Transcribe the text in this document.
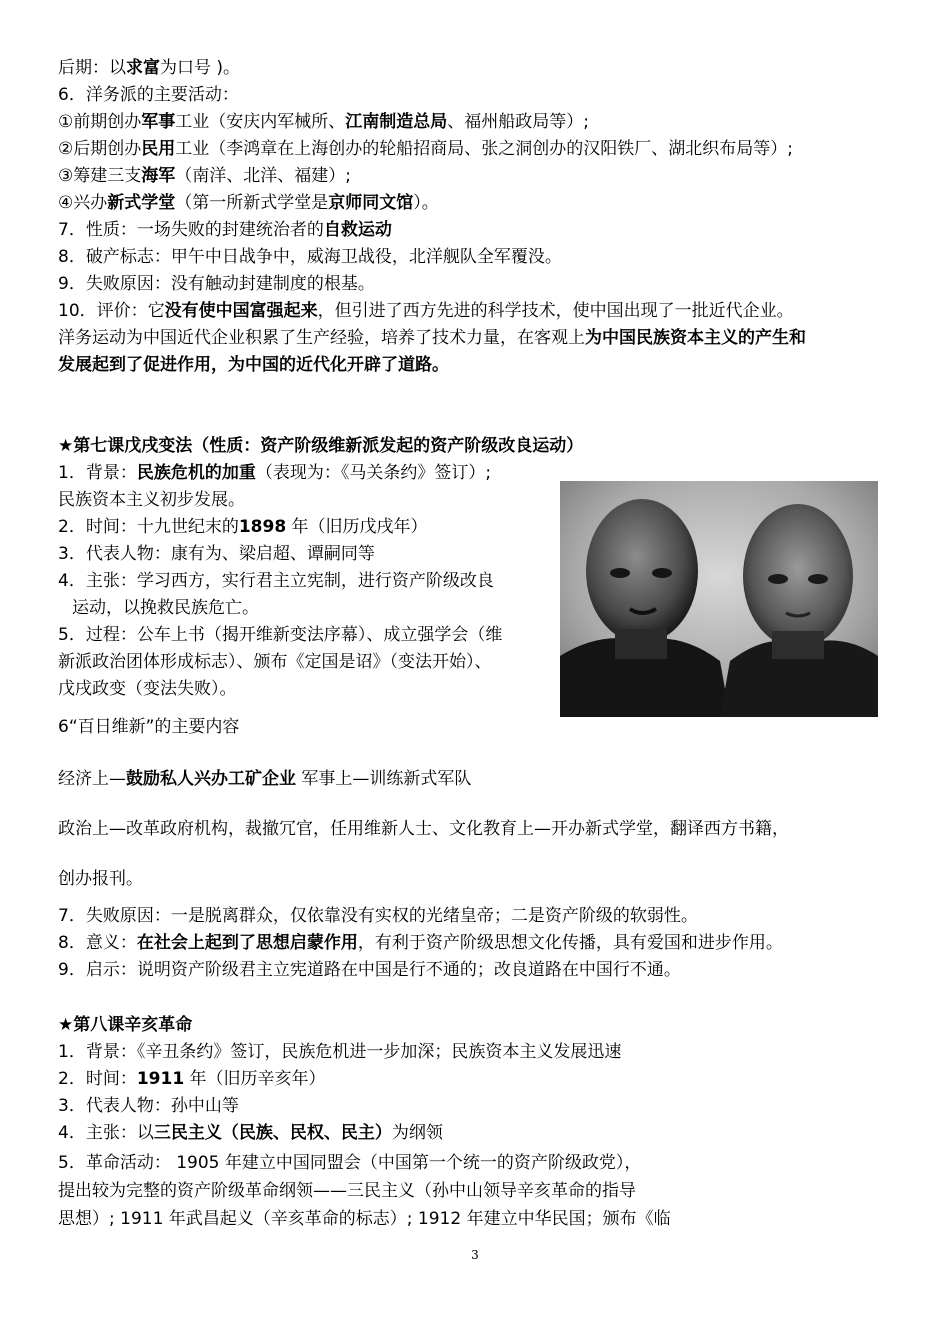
后期：以求富为口号 )。
6．洋务派的主要活动：
①前期创办军事工业（安庆内军械所、江南制造总局、福州船政局等）;
②后期创办民用工业（李鸿章在上海创办的轮船招商局、张之洞创办的汉阳铁厂、湖北织布局等）;
③筹建三支海军（南洋、北洋、福建）;
④兴办新式学堂（第一所新式学堂是京师同文馆）。
7．性质：一场失败的封建统治者的自救运动
8．破产标志：甲午中日战争中，威海卫战役，北洋舰队全军覆没。
9．失败原因：没有触动封建制度的根基。
10．评价：它没有使中国富强起来，但引进了西方先进的科学技术，使中国出现了一批近代企业。
洋务运动为中国近代企业积累了生产经验，培养了技术力量，在客观上为中国民族资本主义的产生和
发展起到了促进作用，为中国的近代化开辟了道路。
★第七课戊戌变法（性质：资产阶级维新派发起的资产阶级改良运动）
1．背景：民族危机的加重（表现为：《马关条约》签订）;
民族资本主义初步发展。
2．时间：十九世纪末的1898 年（旧历戊戌年）
3．代表人物：康有为、梁启超、谭嗣同等
4．主张：学习西方，实行君主立宪制，进行资产阶级改良
运动，以挽救民族危亡。
5．过程：公车上书（揭开维新变法序幕）、成立强学会（维
新派政治团体形成标志）、颁布《定国是诏》（变法开始）、
戊戌政变（变法失败）。
6“百日维新”的主要内容
经济上—鼓励私人兴办工矿企业 军事上—训练新式军队
政治上—改革政府机构，裁撤冗官，任用维新人士、文化教育上—开办新式学堂，翻译西方书籍，
创办报刊。
7．失败原因：一是脱离群众，仅依靠没有实权的光绪皇帝；二是资产阶级的软弱性。
8．意义：在社会上起到了思想启蒙作用，有利于资产阶级思想文化传播，具有爱国和进步作用。
9．启示：说明资产阶级君主立宪道路在中国是行不通的；改良道路在中国行不通。
★第八课辛亥革命
1．背景：《辛丑条约》签订，民族危机进一步加深；民族资本主义发展迅速
2．时间：1911 年（旧历辛亥年）
3．代表人物：孙中山等
4．主张：以三民主义（民族、民权、民主）为纲领
5．革命活动： 1905 年建立中国同盟会（中国第一个统一的资产阶级政党），
提出较为完整的资产阶级革命纲领——三民主义（孙中山领导辛亥革命的指导
思想）; 1911 年武昌起义（辛亥革命的标志）; 1912 年建立中华民国；颁布《临
3
